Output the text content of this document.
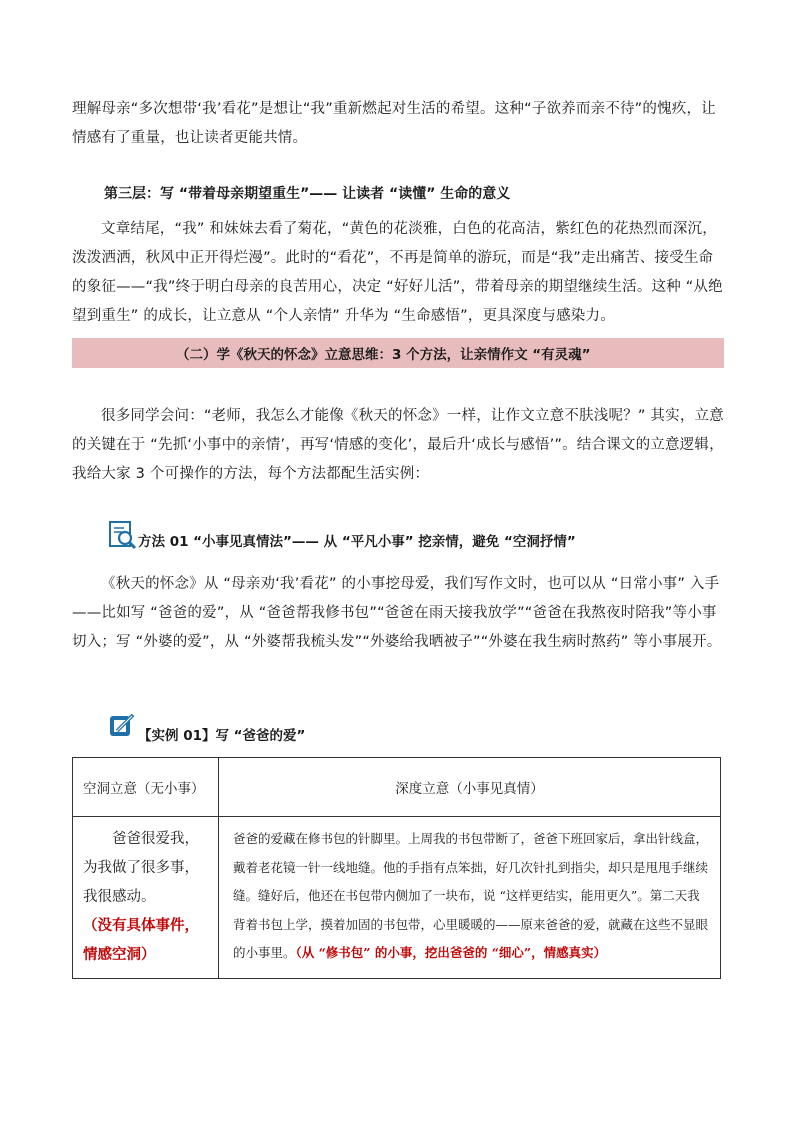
理解母亲“多次想带‘我’看花”是想让“我”重新燃起对生活的希望。这种“子欲养而亲不待”的愧疚，让情感有了重量，也让读者更能共情。
第三层：写 “带着母亲期望重生”—— 让读者 “读懂” 生命的意义
文章结尾，“我” 和妹妹去看了菊花，“黄色的花淡雅，白色的花高洁，紫红色的花热烈而深沉，泼泼洒洒，秋风中正开得烂漫”。此时的“看花”，不再是简单的游玩，而是“我”走出痛苦、接受生命的象征——“我”终于明白母亲的良苦用心，决定 “好好儿活”，带着母亲的期望继续生活。这种 “从绝望到重生” 的成长，让立意从 “个人亲情” 升华为 “生命感悟”，更具深度与感染力。
（二）学《秋天的怀念》立意思维：3 个方法，让亲情作文 “有灵魂”
很多同学会问：“老师，我怎么才能像《秋天的怀念》一样，让作文立意不肤浅呢？” 其实，立意的关键在于 “先抓‘小事中的亲情’，再写‘情感的变化’，最后升‘成长与感悟’”。结合课文的立意逻辑，我给大家 3 个可操作的方法，每个方法都配生活实例：
方法 01 “小事见真情法”—— 从 “平凡小事” 挖亲情，避免 “空洞抒情”
《秋天的怀念》从 “母亲劝‘我’看花” 的小事挖母爱，我们写作文时，也可以从 “日常小事” 入手——比如写 “爸爸的爱”，从 “爸爸帮我修书包”“爸爸在雨天接我放学”“爸爸在我熬夜时陪我”等小事切入；写 “外婆的爱”，从 “外婆帮我梳头发”“外婆给我晒被子”“外婆在我生病时熬药” 等小事展开。
【实例 01】写 “爸爸的爱”
空洞立意（无小事）	深度立意（小事见真情）
爸爸很爱我，为我做了很多事，我很感动。（没有具体事件，情感空洞）	爸爸的爱藏在修书包的针脚里。上周我的书包带断了，爸爸下班回家后，拿出针线盒，戴着老花镜一针一线地缝。他的手指有点笨拙，好几次针扎到指尖，却只是甩甩手继续缝。缝好后，他还在书包带内侧加了一块布，说 “这样更结实，能用更久”。第二天我背着书包上学，摸着加固的书包带，心里暖暖的——原来爸爸的爱，就藏在这些不显眼的小事里。（从 “修书包” 的小事，挖出爸爸的 “细心”，情感真实）
